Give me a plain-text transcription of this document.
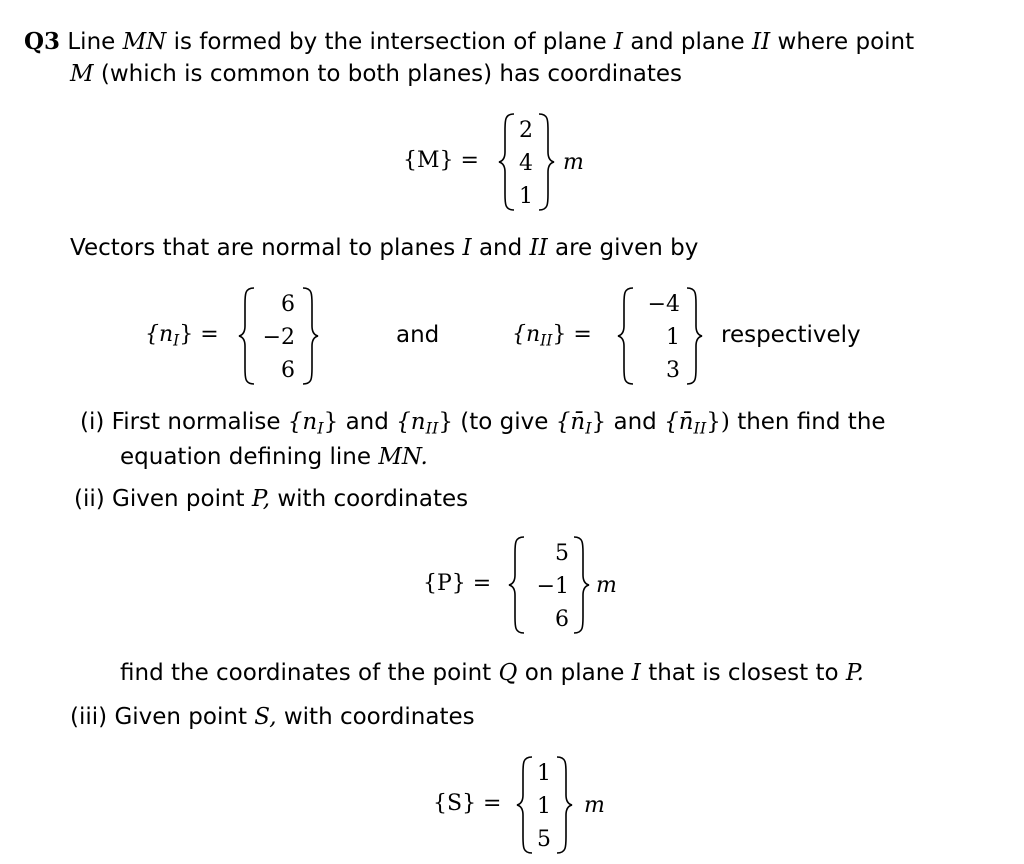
Q3 Line MN is formed by the intersection of plane I and plane II where point
M (which is common to both planes) has coordinates
{M} =
2
4
1
m
Vectors that are normal to planes I and II are given by
$\{n_I\}$ =
6
−2
6
and	$\{n_{II}\}$ =
−4
1
3
respectively
(i) First normalise $\{n_I\}$ and $\{n_{II}\}$ (to give $\{n̄_I\}$ and $\{n̄_{II}\}$) then find the
equation defining line MN.
(ii) Given point P, with coordinates
{P} =
5
−1
6
m
find the coordinates of the point Q on plane I that is closest to P.
(iii) Given point S, with coordinates
{S} =
1
1
5
m
